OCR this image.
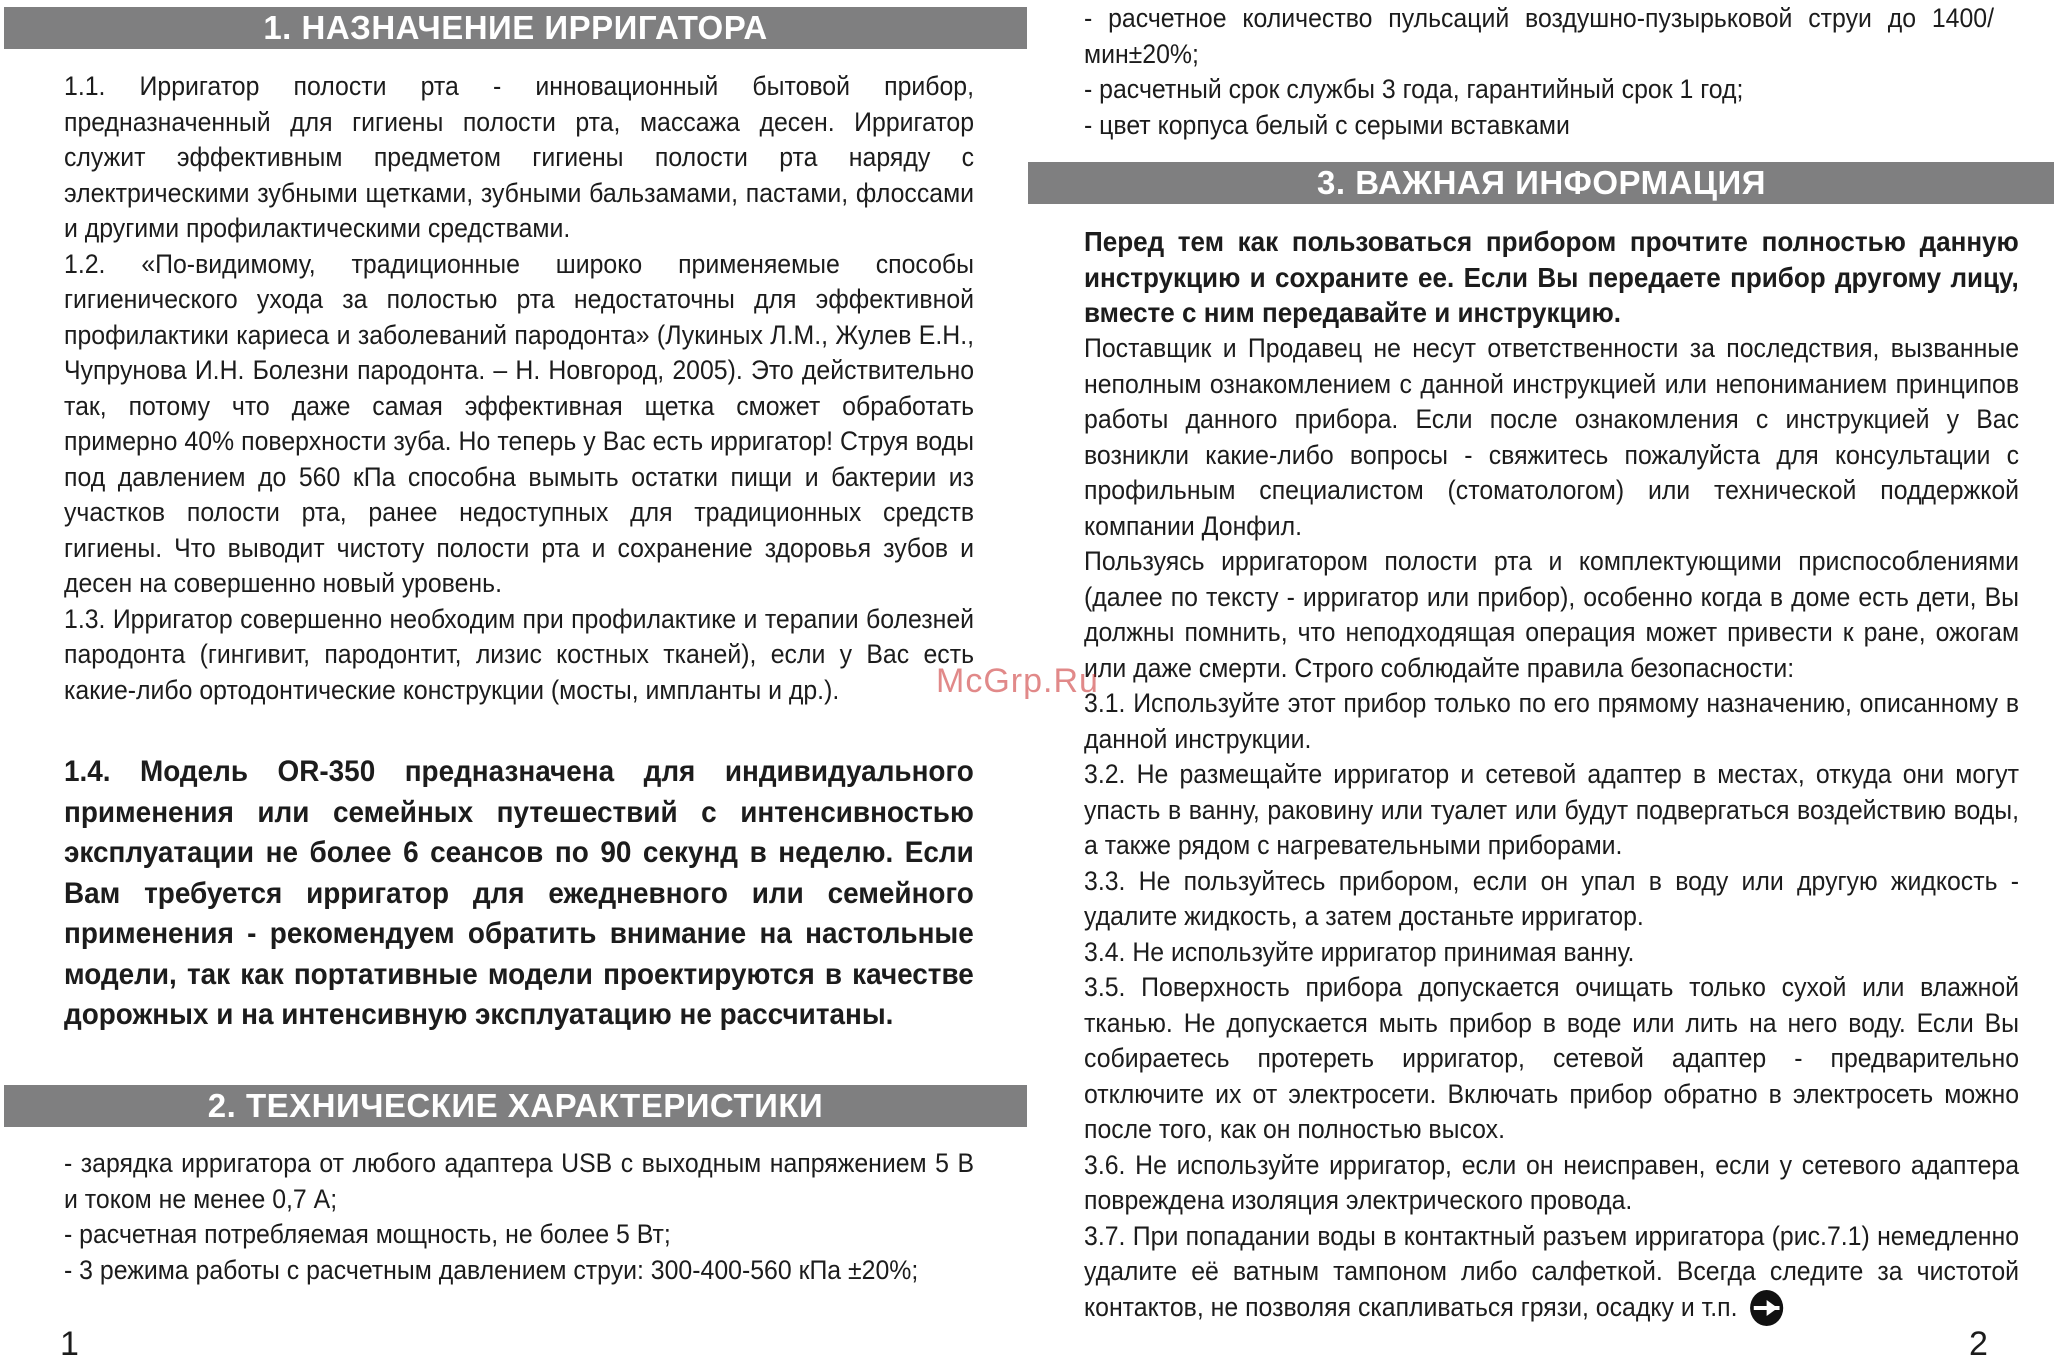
1. НАЗНАЧЕНИЕ ИРРИГАТОРА

1.1. Ирригатор полости рта - инновационный бытовой прибор, предназначенный для гигиены полости рта, массажа десен. Ирригатор служит эффективным предметом гигиены полости рта наряду с электрическими зубными щетками, зубными бальзамами, пастами, флоссами и другими профилактическими средствами.

1.2. «По-видимому, традиционные широко применяемые способы гигиенического ухода за полостью рта недостаточны для эффективной профилактики кариеса и заболеваний пародонта» (Лукиных Л.М., Жулев Е.Н., Чупрунова И.Н. Болезни пародонта. – Н. Новгород, 2005). Это действительно так, потому что даже самая эффективная щетка сможет обработать примерно 40% поверхности зуба. Но теперь у Вас есть ирригатор! Струя воды под давлением до 560 кПа способна вымыть остатки пищи и бактерии из участков полости рта, ранее недоступных для традиционных средств гигиены. Что выводит чистоту полости рта и сохранение здоровья зубов и десен на совершенно новый уровень.

1.3. Ирригатор совершенно необходим при профилактике и терапии болезней пародонта (гингивит, пародонтит, лизис костных тканей), если у Вас есть какие-либо ортодонтические конструкции (мосты, импланты и др.).

1.4. Модель OR-350 предназначена для индивидуального применения или семейных путешествий с интенсивностью эксплуатации не более 6 сеансов по 90 секунд в неделю. Если Вам требуется ирригатор для ежедневного или семейного применения - рекомендуем обратить внимание на настольные модели, так как портативные модели проектируются в качестве дорожных и на интенсивную эксплуатацию не рассчитаны.

2. ТЕХНИЧЕСКИЕ ХАРАКТЕРИСТИКИ

- зарядка ирригатора от любого адаптера USB с выходным напряжением 5 В и током не менее 0,7 А;

- расчетная потребляемая мощность, не более 5 Вт;

- 3 режима работы с расчетным давлением струи: 300-400-560 кПа ±20%;

1

- расчетное количество пульсаций воздушно-пузырьковой струи до 1400/мин±20%;

- расчетный срок службы 3 года, гарантийный срок 1 год;

- цвет корпуса белый с серыми вставками

3. ВАЖНАЯ ИНФОРМАЦИЯ

Перед тем как пользоваться прибором прочтите полностью данную инструкцию и сохраните ее. Если Вы передаете прибор другому лицу, вместе с ним передавайте и инструкцию.

Поставщик и Продавец не несут ответственности за последствия, вызванные неполным ознакомлением с данной инструкцией или непониманием принципов работы данного прибора. Если после ознакомления с инструкцией у Вас возникли какие-либо вопросы - свяжитесь пожалуйста для консультации с профильным специалистом (стоматологом) или технической поддержкой компании Донфил.

Пользуясь ирригатором полости рта и комплектующими приспособлениями (далее по тексту - ирригатор или прибор), особенно когда в доме есть дети, Вы должны помнить, что неподходящая операция может привести к ране, ожогам или даже смерти. Строго соблюдайте правила безопасности:

3.1. Используйте этот прибор только по его прямому назначению, описанному в данной инструкции.

3.2. Не размещайте ирригатор и сетевой адаптер в местах, откуда они могут упасть в ванну, раковину или туалет или будут подвергаться воздействию воды, а также рядом с нагревательными приборами.

3.3. Не пользуйтесь прибором, если он упал в воду или другую жидкость - удалите жидкость, а затем достаньте ирригатор.

3.4. Не используйте ирригатор принимая ванну.

3.5. Поверхность прибора допускается очищать только сухой или влажной тканью. Не допускается мыть прибор в воде или лить на него воду. Если Вы собираетесь протереть ирригатор, сетевой адаптер - предварительно отключите их от электросети. Включать прибор обратно в электросеть можно после того, как он полностью высох.

3.6. Не используйте ирригатор, если он неисправен, если у сетевого адаптера повреждена изоляция электрического провода.

3.7. При попадании воды в контактный разъем ирригатора (рис.7.1) немедленно удалите её ватным тампоном либо салфеткой. Всегда следите за чистотой контактов, не позволяя скапливаться грязи, осадку и т.п.

2
McGrp.Ru
